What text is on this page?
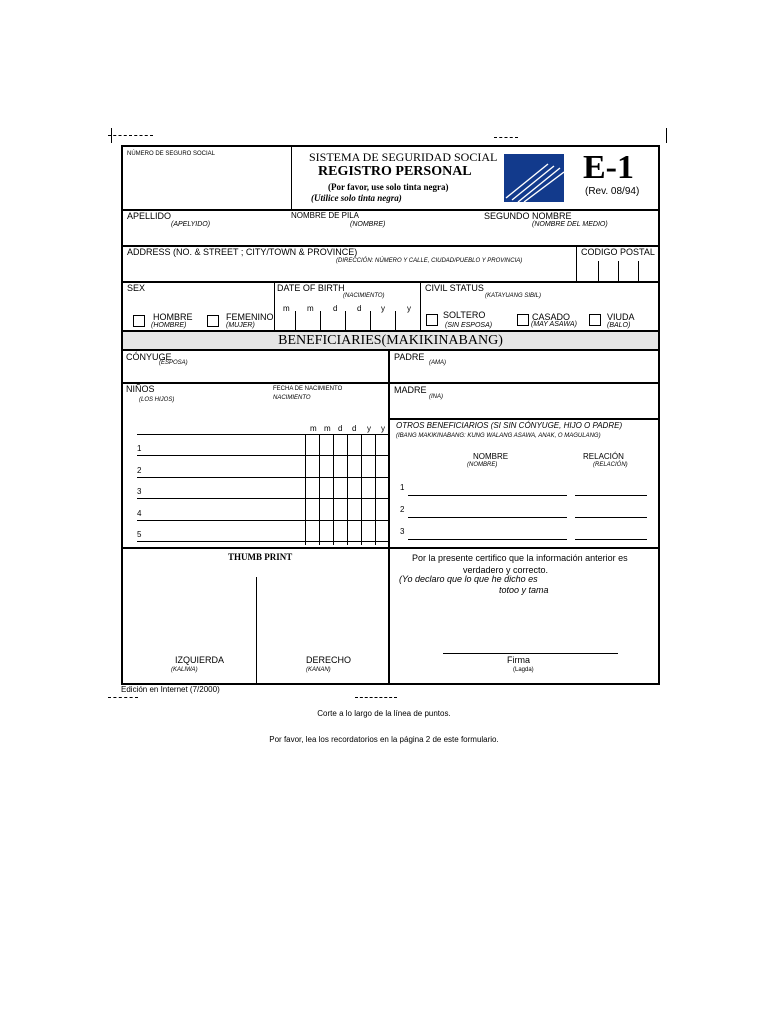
NÚMERO DE SEGURO SOCIAL	SISTEMA DE SEGURIDAD SOCIAL
REGISTRO PERSONAL
(Por favor, use solo tinta negra)
(Utilice solo tinta negra)
E-1
(Rev. 08/94)
APELLIDO
(APELYIDO)
NOMBRE DE PILA
(NOMBRE)
SEGUNDO NOMBRE
(NOMBRE DEL MEDIO)
ADDRESS (NO. & STREET ; CITY/TOWN & PROVINCE)
(DIRECCIÓN: NÚMERO Y CALLE, CIUDAD/PUEBLO Y PROVINCIA)
CODIGO POSTAL
SEX
HOMBRE
(HOMBRE)
FEMENINO
(MUJER)
DATE OF BIRTH
(NACIMIENTO)
m m d d y	y
CIVIL STATUS
(KATAYUANG SIBIL)
SOLTERO
(SIN ESPOSA)
CASADO
(MAY ASAWA)
VIUDA
(BALO)
BENEFICIARIES(MAKIKINABANG)
CÓNYUGE
(ESPOSA)
PADRE
(AMA)
NIÑOS
(LOS HIJOS)
FECHA DE NACIMIENTO
NACIMIENTO
m m d d y y
1
2
3
4
5
MADRE
(INA)
OTROS BENEFICIARIOS (SI SIN CÓNYUGE, HIJO O PADRE)
(IBANG MAKIKINABANG: KUNG WALANG ASAWA, ANAK, O MAGULANG)
NOMBRE
(NOMBRE)
RELACIÓN
(RELACIÓN)
1
2
3
THUMB PRINT
IZQUIERDA
(KALIWA)
DERECHO
(KANAN)
Por la presente certifico que la información anterior es
verdadero y correcto.
(Yo declaro que lo que he dicho es
totoo y tama
Firma
(Lagda)
Edición en Internet (7/2000)
Corte a lo largo de la línea de puntos.
Por favor, lea los recordatorios en la página 2 de este formulario.
